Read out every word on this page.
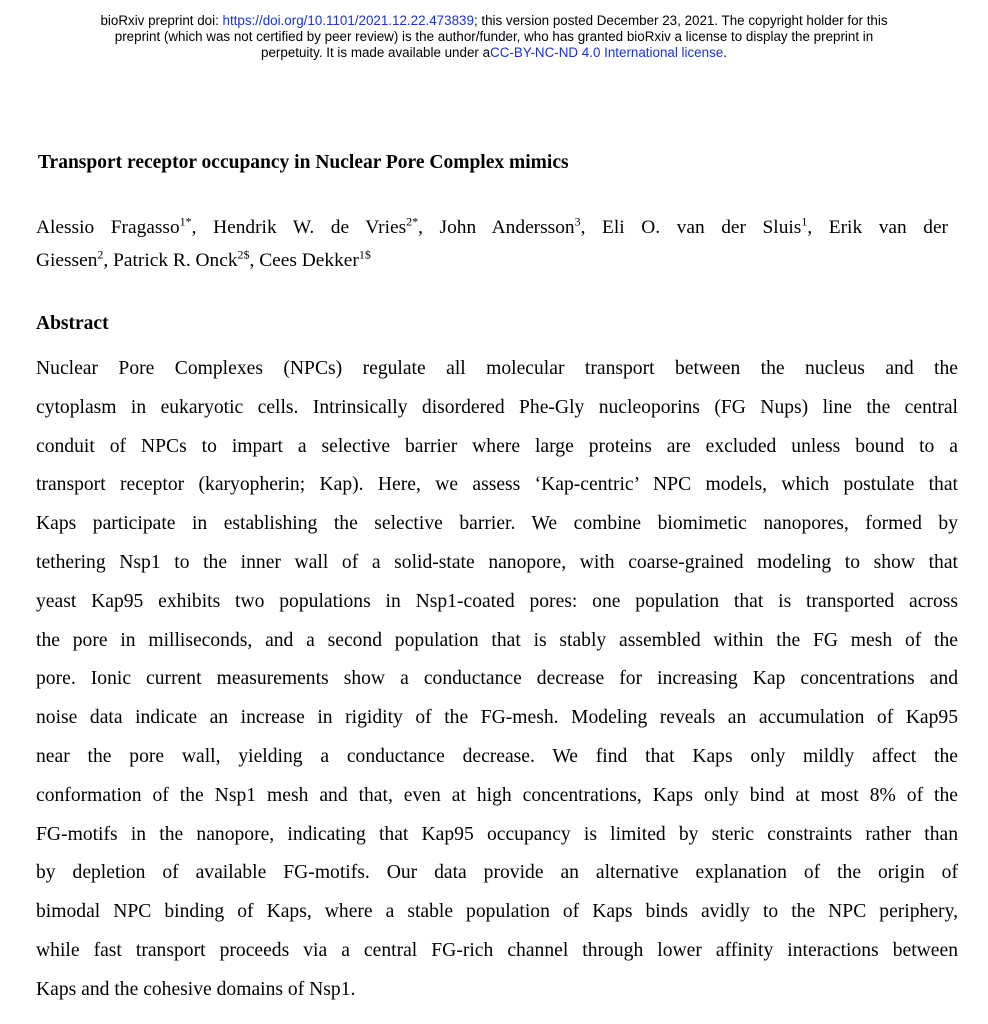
bioRxiv preprint doi: https://doi.org/10.1101/2021.12.22.473839; this version posted December 23, 2021. The copyright holder for this
preprint (which was not certified by peer review) is the author/funder, who has granted bioRxiv a license to display the preprint in
perpetuity. It is made available under aCC-BY-NC-ND 4.0 International license.
Transport receptor occupancy in Nuclear Pore Complex mimics
Alessio Fragasso$^{1*}$, Hendrik W. de Vries$^{2*}$, John Andersson$^3$, Eli O. van der Sluis$^1$, Erik van der
Giessen$^2$, Patrick R. Onck$^{2\$}$, Cees Dekker$^{1\$}$
Abstract
Nuclear Pore Complexes (NPCs) regulate all molecular transport between the nucleus and the
cytoplasm in eukaryotic cells. Intrinsically disordered Phe-Gly nucleoporins (FG Nups) line the central
conduit of NPCs to impart a selective barrier where large proteins are excluded unless bound to a
transport receptor (karyopherin; Kap). Here, we assess ‘Kap-centric’ NPC models, which postulate that
Kaps participate in establishing the selective barrier. We combine biomimetic nanopores, formed by
tethering Nsp1 to the inner wall of a solid-state nanopore, with coarse-grained modeling to show that
yeast Kap95 exhibits two populations in Nsp1-coated pores: one population that is transported across
the pore in milliseconds, and a second population that is stably assembled within the FG mesh of the
pore. Ionic current measurements show a conductance decrease for increasing Kap concentrations and
noise data indicate an increase in rigidity of the FG-mesh. Modeling reveals an accumulation of Kap95
near the pore wall, yielding a conductance decrease. We find that Kaps only mildly affect the
conformation of the Nsp1 mesh and that, even at high concentrations, Kaps only bind at most 8% of the
FG-motifs in the nanopore, indicating that Kap95 occupancy is limited by steric constraints rather than
by depletion of available FG-motifs. Our data provide an alternative explanation of the origin of
bimodal NPC binding of Kaps, where a stable population of Kaps binds avidly to the NPC periphery,
while fast transport proceeds via a central FG-rich channel through lower affinity interactions between
Kaps and the cohesive domains of Nsp1.
